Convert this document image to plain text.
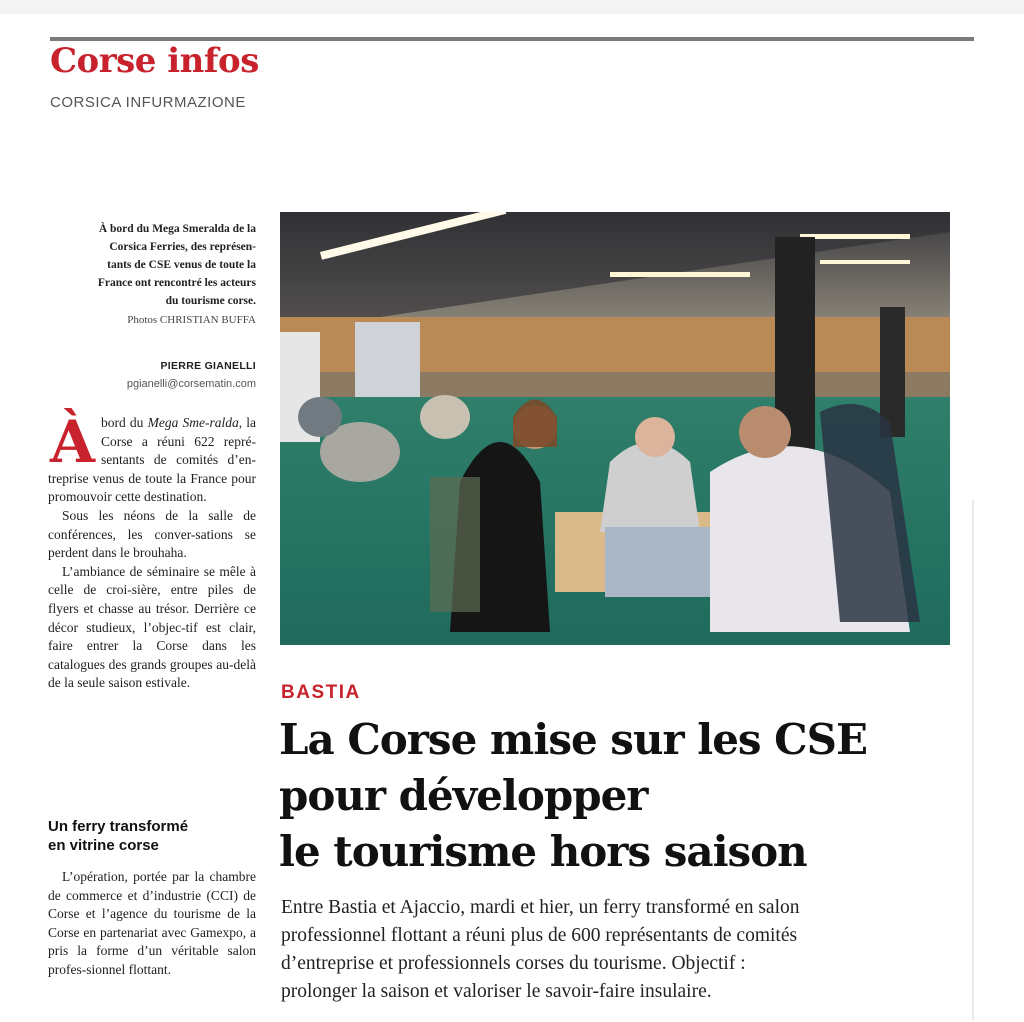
Corse infos
CORSICA INFURMAZIONE
À bord du Mega Smeralda de la
Corsica Ferries, des représen-
tants de CSE venus de toute la
France ont rencontré les acteurs
du tourisme corse.
Photos CHRISTIAN BUFFA
PIERRE GIANELLI
pgianelli@corsematin.com

À bord du Mega Sme-ralda, la Corse a réuni 622 repré-sentants de comités d’en-treprise venus de toute la France pour promouvoir cette destination.

Sous les néons de la salle de conférences, les conver-sations se perdent dans le brouhaha.

L’ambiance de séminaire se mêle à celle de croi-sière, entre piles de flyers et chasse au trésor. Derrière ce décor studieux, l’objec-tif est clair, faire entrer la Corse dans les catalogues des grands groupes au-delà de la seule saison estivale.

Un ferry transformé
en vitrine corse

L’opération, portée par la chambre de commerce et d’industrie (CCI) de Corse et l’agence du tourisme de la Corse en partenariat avec Gamexpo, a pris la forme d’un véritable salon profes-sionnel flottant.

BASTIA
La Corse mise sur les CSE
pour développer
le tourisme hors saison
Entre Bastia et Ajaccio, mardi et hier, un ferry transformé en salon
professionnel flottant a réuni plus de 600 représentants de comités
d’entreprise et professionnels corses du tourisme. Objectif :
prolonger la saison et valoriser le savoir-faire insulaire.
